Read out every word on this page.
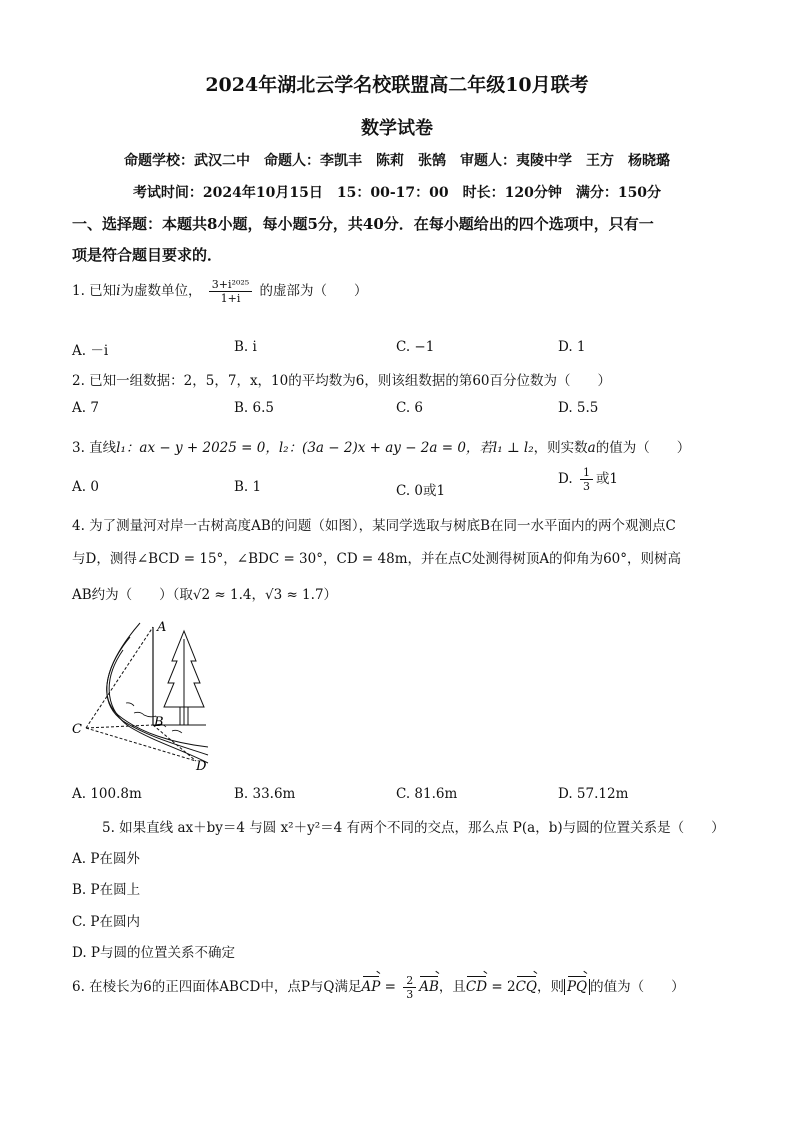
2024年湖北云学名校联盟高二年级10月联考
数学试卷
命题学校：武汉二中　命题人：李凯丰　陈莉　张鹄　审题人：夷陵中学　王方　杨晓璐
考试时间：2024年10月15日　15：00-17：00　时长：120分钟　满分：150分
一、选择题：本题共8小题，每小题5分，共40分．在每小题给出的四个选项中，只有一
项是符合题目要求的．
1. 已知i为虚数单位， $\frac{\text{3+i²⁰²⁵}}{1+i}$ 的虚部为（　　）
A. －i	B. i	C. −1	D. 1
2. 已知一组数据：2，5，7，x，10的平均数为6，则该组数据的第60百分位数为（　　）
A. 7	B. 6.5	C. 6	D. 5.5
3. 直线l₁：ax − y + 2025 = 0，l₂：(3a − 2)x + ay − 2a = 0，若l₁ ⊥ l₂，则实数a的值为（　　）
A. 0	B. 1	C. 0或1
D. $\frac{1}{3}$ 或1
4. 为了测量河对岸一古树高度AB的问题（如图），某同学选取与树底B在同一水平面内的两个观测点C
与D，测得∠BCD = 15°，∠BDC = 30°，CD = 48m，并在点C处测得树顶A的仰角为60°，则树高
AB约为（　　）（取√2 ≈ 1.4，√3 ≈ 1.7）
A
B
C
D
A. 100.8m	B. 33.6m	C. 81.6m	D. 57.12m
5. 如果直线 ax＋by＝4 与圆 x²＋y²＝4 有两个不同的交点，那么点 P(a，b)与圆的位置关系是（　　）
A. P在圆外
B. P在圆上
C. P在圆内
D. P与圆的位置关系不确定
6. 在棱长为6的正四面体ABCD中，点P与Q满足AP = $\frac{2}{3}$ AB，且CD = 2CQ，则 PQ 的值为（　　）
